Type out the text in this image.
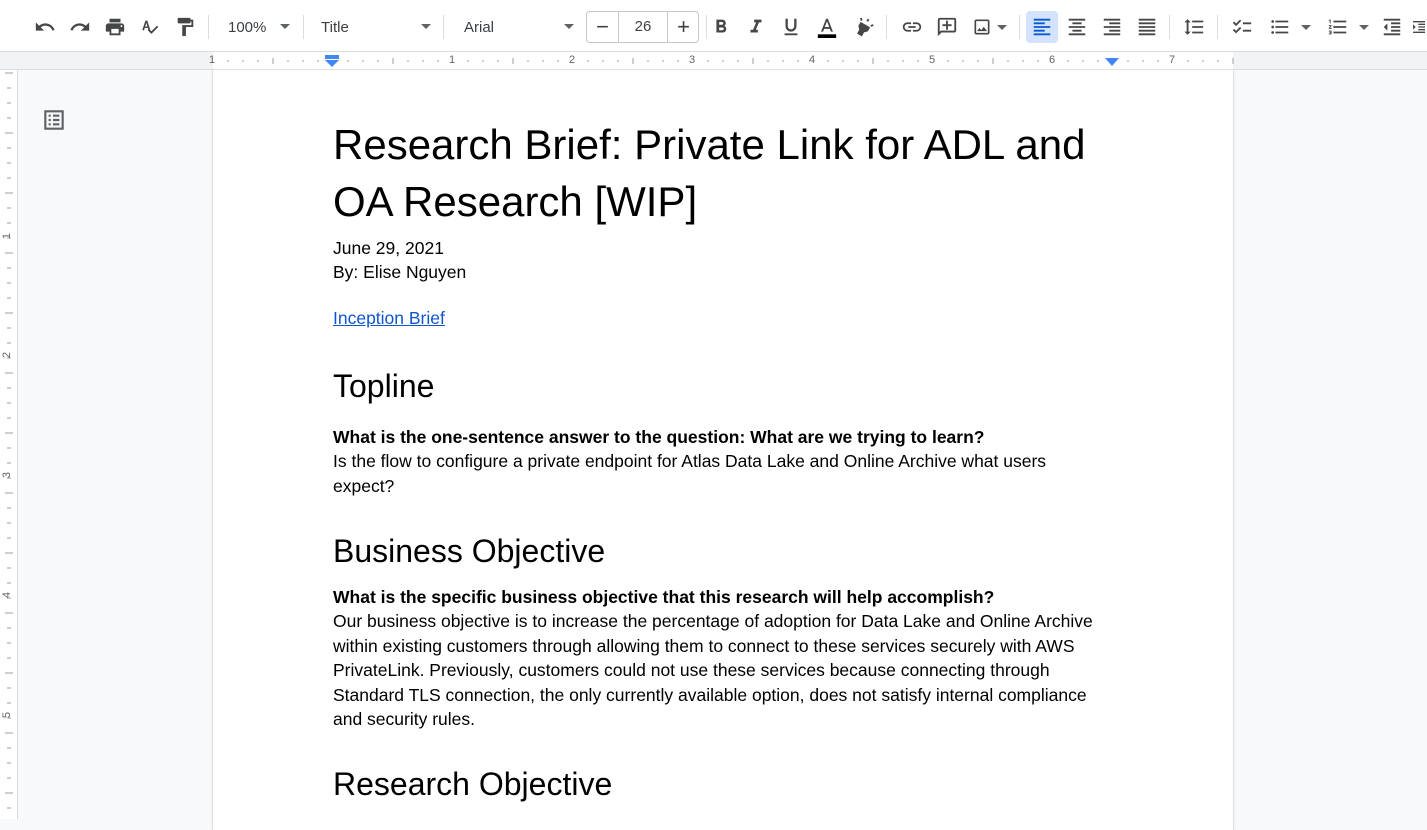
100%	Title	Arial	−	26	+
1	1	2	3	4	5	6	7
1
2
3
4
5
Research Brief: Private Link for ADL and OA Research [WIP]
June 29, 2021
By: Elise Nguyen
Inception Brief
Topline
What is the one-sentence answer to the question: What are we trying to learn?
Is the flow to configure a private endpoint for Atlas Data Lake and Online Archive what users expect?
Business Objective
What is the specific business objective that this research will help accomplish?
Our business objective is to increase the percentage of adoption for Data Lake and Online Archive within existing customers through allowing them to connect to these services securely with AWS PrivateLink. Previously, customers could not use these services because connecting through Standard TLS connection, the only currently available option, does not satisfy internal compliance and security rules.
Research Objective
